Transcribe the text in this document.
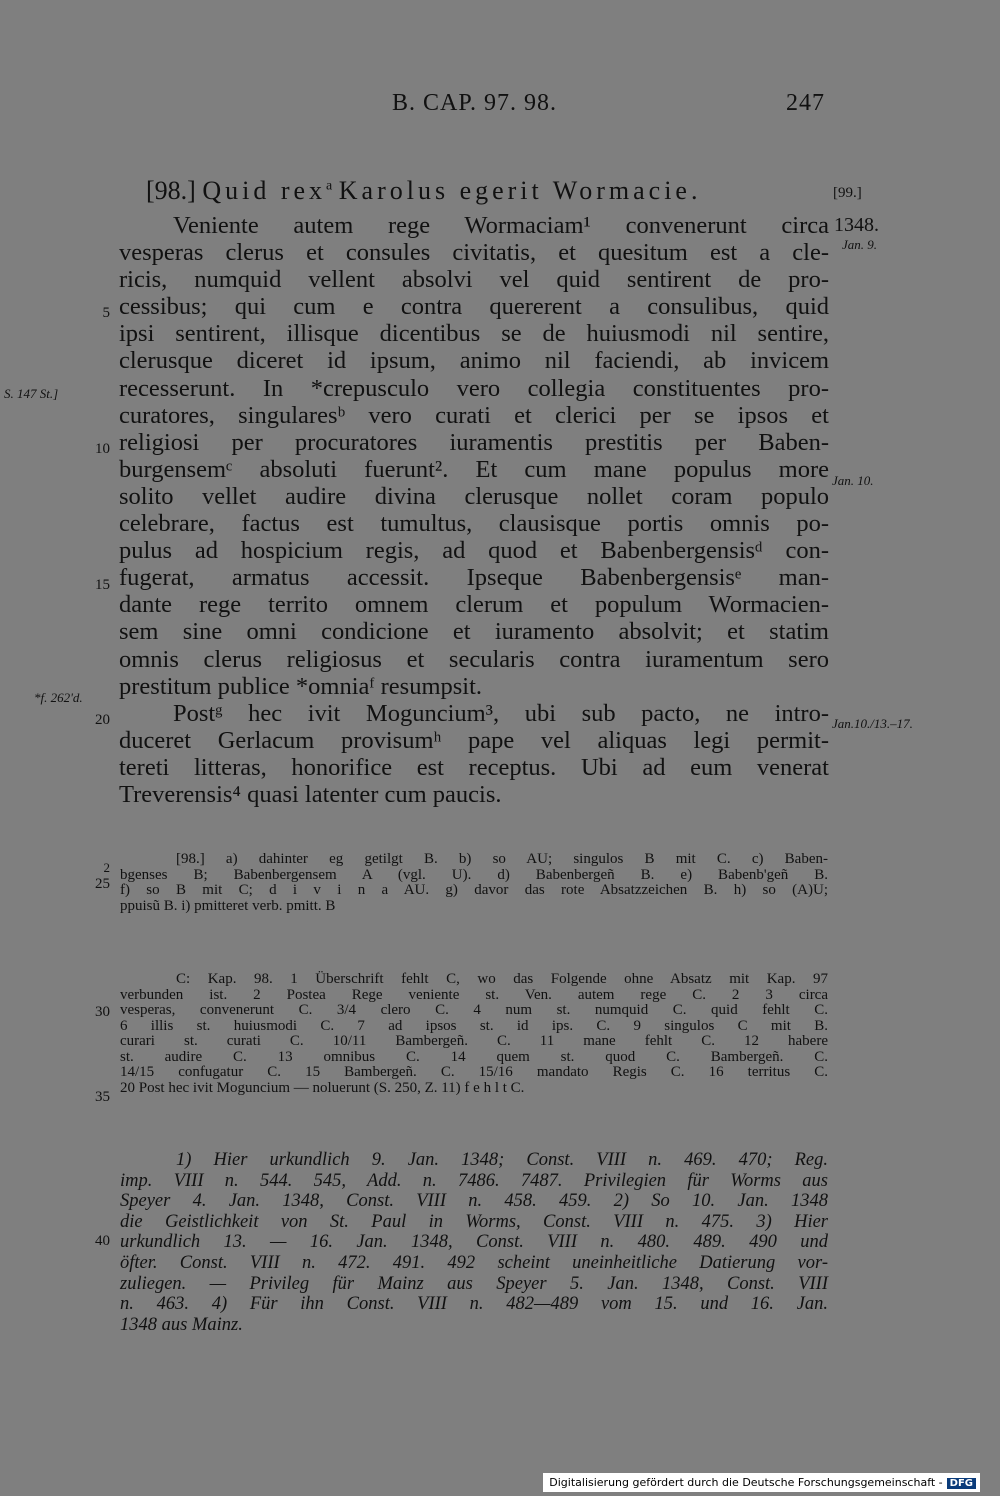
B. CAP. 97. 98.	247
[98.] Quid rex$^a$ Karolus egerit Wormacie.	[99.]
1348.
Jan. 9.
S. 147 St.]
Jan. 10.
*f. 262'd.
Jan.10./13.–17.
5
10
15
20
Veniente autem rege Wormaciam¹ convenerunt circa
vesperas clerus et consules civitatis, et quesitum est a cle-
ricis, numquid vellent absolvi vel quid sentirent de pro-
cessibus; qui cum e contra quererent a consulibus, quid
ipsi sentirent, illisque dicentibus se de huiusmodi nil sentire,
clerusque diceret id ipsum, animo nil faciendi, ab invicem
recesserunt. In *crepusculo vero collegia constituentes pro-
curatores, singularesᵇ vero curati et clerici per se ipsos et
religiosi per procuratores iuramentis prestitis per Baben-
burgensemᶜ absoluti fuerunt². Et cum mane populus more
solito vellet audire divina clerusque nollet coram populo
celebrare, factus est tumultus, clausisque portis omnis po-
pulus ad hospicium regis, ad quod et Babenbergensisᵈ con-
fugerat, armatus accessit. Ipseque Babenbergensisᵉ man-
dante rege territo omnem clerum et populum Wormacien-
sem sine omni condicione et iuramento absolvit; et statim
omnis clerus religiosus et secularis contra iuramentum sero
prestitum publice *omniaᶠ resumpsit.
Postᵍ hec ivit Moguncium³, ubi sub pacto, ne intro-
duceret Gerlacum provisumʰ pape vel aliquas legi permit-
tereti litteras, honorifice est receptus. Ubi ad eum venerat
Treverensis⁴ quasi latenter cum paucis.
2
25
[98.] a) dahinter eg getilgt B. b) so AU; singulos B mit C. c) Baben-
bgenses B; Babenbergensem A (vgl. U). d) Babenbergeñ B. e) Babenb'geñ B.
f) so B mit C; d i v i n a AU. g) davor das rote Absatzzeichen B. h) so (A)U;
ppuisũ B. i) pmitteret verb. pmitt. B
30
35
C: Kap. 98. 1 Überschrift fehlt C, wo das Folgende ohne Absatz mit Kap. 97
verbunden ist. 2 Postea Rege veniente st. Ven. autem rege C. 2 3 circa
vesperas, convenerunt C. 3/4 clero C. 4 num st. numquid C. quid fehlt C.
6 illis st. huiusmodi C. 7 ad ipsos st. id ips. C. 9 singulos C mit B.
curari st. curati C. 10/11 Bambergeñ. C. 11 mane fehlt C. 12 habere
st. audire C. 13 omnibus C. 14 quem st. quod C. Bambergeñ. C.
14/15 confugatur C. 15 Bambergeñ. C. 15/16 mandato Regis C. 16 territus C.
20 Post hec ivit Moguncium — noluerunt (S. 250, Z. 11) f e h l t C.
40
1) Hier urkundlich 9. Jan. 1348; Const. VIII n. 469. 470; Reg.
imp. VIII n. 544. 545, Add. n. 7486. 7487. Privilegien für Worms aus
Speyer 4. Jan. 1348, Const. VIII n. 458. 459. 2) So 10. Jan. 1348
die Geistlichkeit von St. Paul in Worms, Const. VIII n. 475. 3) Hier
urkundlich 13. — 16. Jan. 1348, Const. VIII n. 480. 489. 490 und
öfter. Const. VIII n. 472. 491. 492 scheint uneinheitliche Datierung vor-
zuliegen. — Privileg für Mainz aus Speyer 5. Jan. 1348, Const. VIII
n. 463. 4) Für ihn Const. VIII n. 482—489 vom 15. und 16. Jan.
1348 aus Mainz.
Digitalisierung gefördert durch die Deutsche Forschungsgemeinschaft - DFG
